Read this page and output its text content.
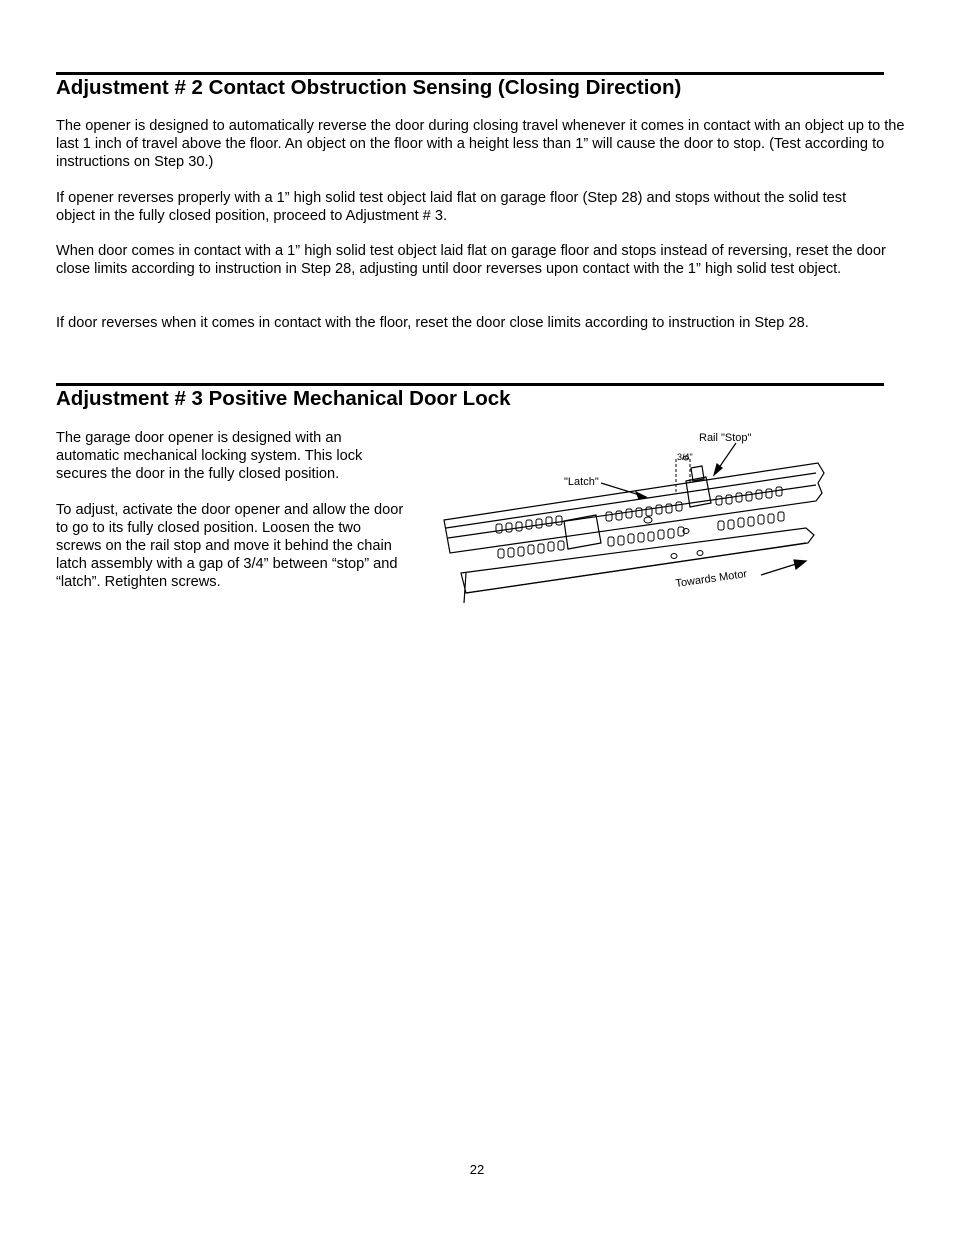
Adjustment # 2 Contact Obstruction Sensing (Closing Direction)

The opener is designed to automatically reverse the door during closing travel whenever it comes in contact with an object up to the last 1 inch of travel above the floor. An object on the floor with a height less than 1” will cause the door to stop. (Test according to instructions on Step 30.)

If opener reverses properly with a 1” high solid test object laid flat on garage floor (Step 28) and stops without the solid test object in the fully closed position, proceed to Adjustment # 3.

When door comes in contact with a 1” high solid test object laid flat on garage floor and stops instead of reversing, reset the door close limits according to instruction in Step 28, adjusting until door reverses upon contact with the 1” high solid test object.

If door reverses when it comes in contact with the floor, reset the door close limits according to instruction in Step 28.

Adjustment # 3 Positive Mechanical Door Lock

The garage door opener is designed with an automatic mechanical locking system. This lock secures the door in the fully closed position.

To adjust, activate the door opener and allow the door to go to its fully closed position. Loosen the two screws on the rail stop and move it behind the chain latch assembly with a gap of 3/4” between “stop” and “latch”. Retighten screws.

Rail "Stop"
3/4"
"Latch"
Towards Motor
22
